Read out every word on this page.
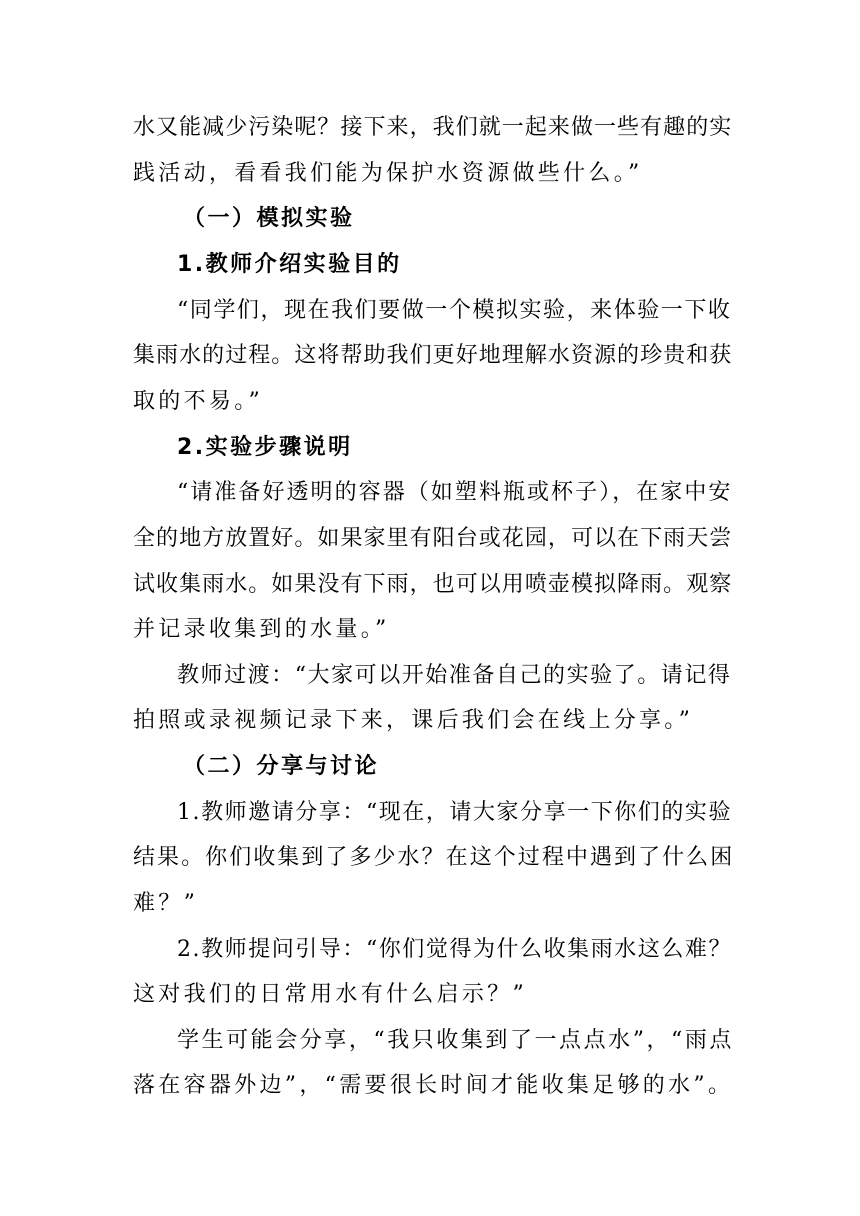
水又能减少污染呢？接下来，我们就一起来做一些有趣的实
践活动，看看我们能为保护水资源做些什么。”
（一）模拟实验
1.教师介绍实验目的
“同学们，现在我们要做一个模拟实验，来体验一下收
集雨水的过程。这将帮助我们更好地理解水资源的珍贵和获
取的不易。”
2.实验步骤说明
“请准备好透明的容器（如塑料瓶或杯子），在家中安
全的地方放置好。如果家里有阳台或花园，可以在下雨天尝
试收集雨水。如果没有下雨，也可以用喷壶模拟降雨。观察
并记录收集到的水量。”
教师过渡：“大家可以开始准备自己的实验了。请记得
拍照或录视频记录下来，课后我们会在线上分享。”
（二）分享与讨论
1.教师邀请分享：“现在，请大家分享一下你们的实验
结果。你们收集到了多少水？在这个过程中遇到了什么困
难？”
2.教师提问引导：“你们觉得为什么收集雨水这么难？
这对我们的日常用水有什么启示？”
学生可能会分享，“我只收集到了一点点水”，“雨点
落在容器外边”，“需要很长时间才能收集足够的水”。
